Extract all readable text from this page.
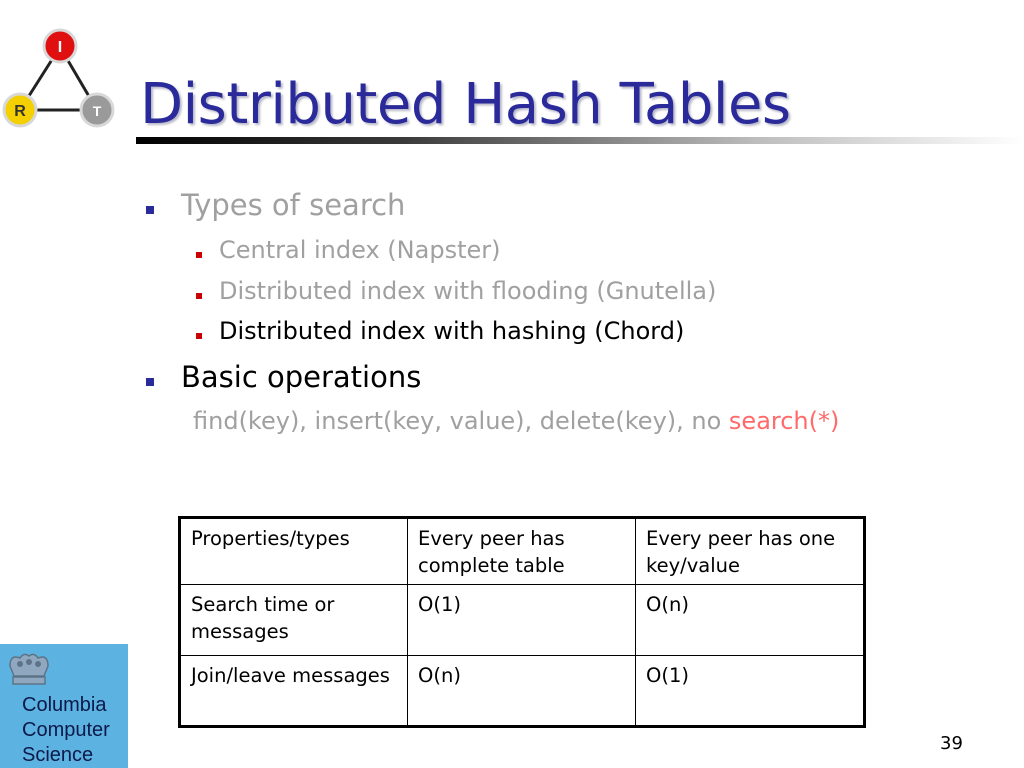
I
R	T Distributed Hash Tables
Types of search
Central index (Napster)
Distributed index with flooding (Gnutella)
Distributed index with hashing (Chord)
Basic operations
find(key), insert(key, value), delete(key), no search(*)
Properties/types	Every peer has complete table	Every peer has one key/value
Search time or messages	O(1)	O(n)
Join/leave messages	O(n)	O(1)
Columbia
Computer
Science
39
